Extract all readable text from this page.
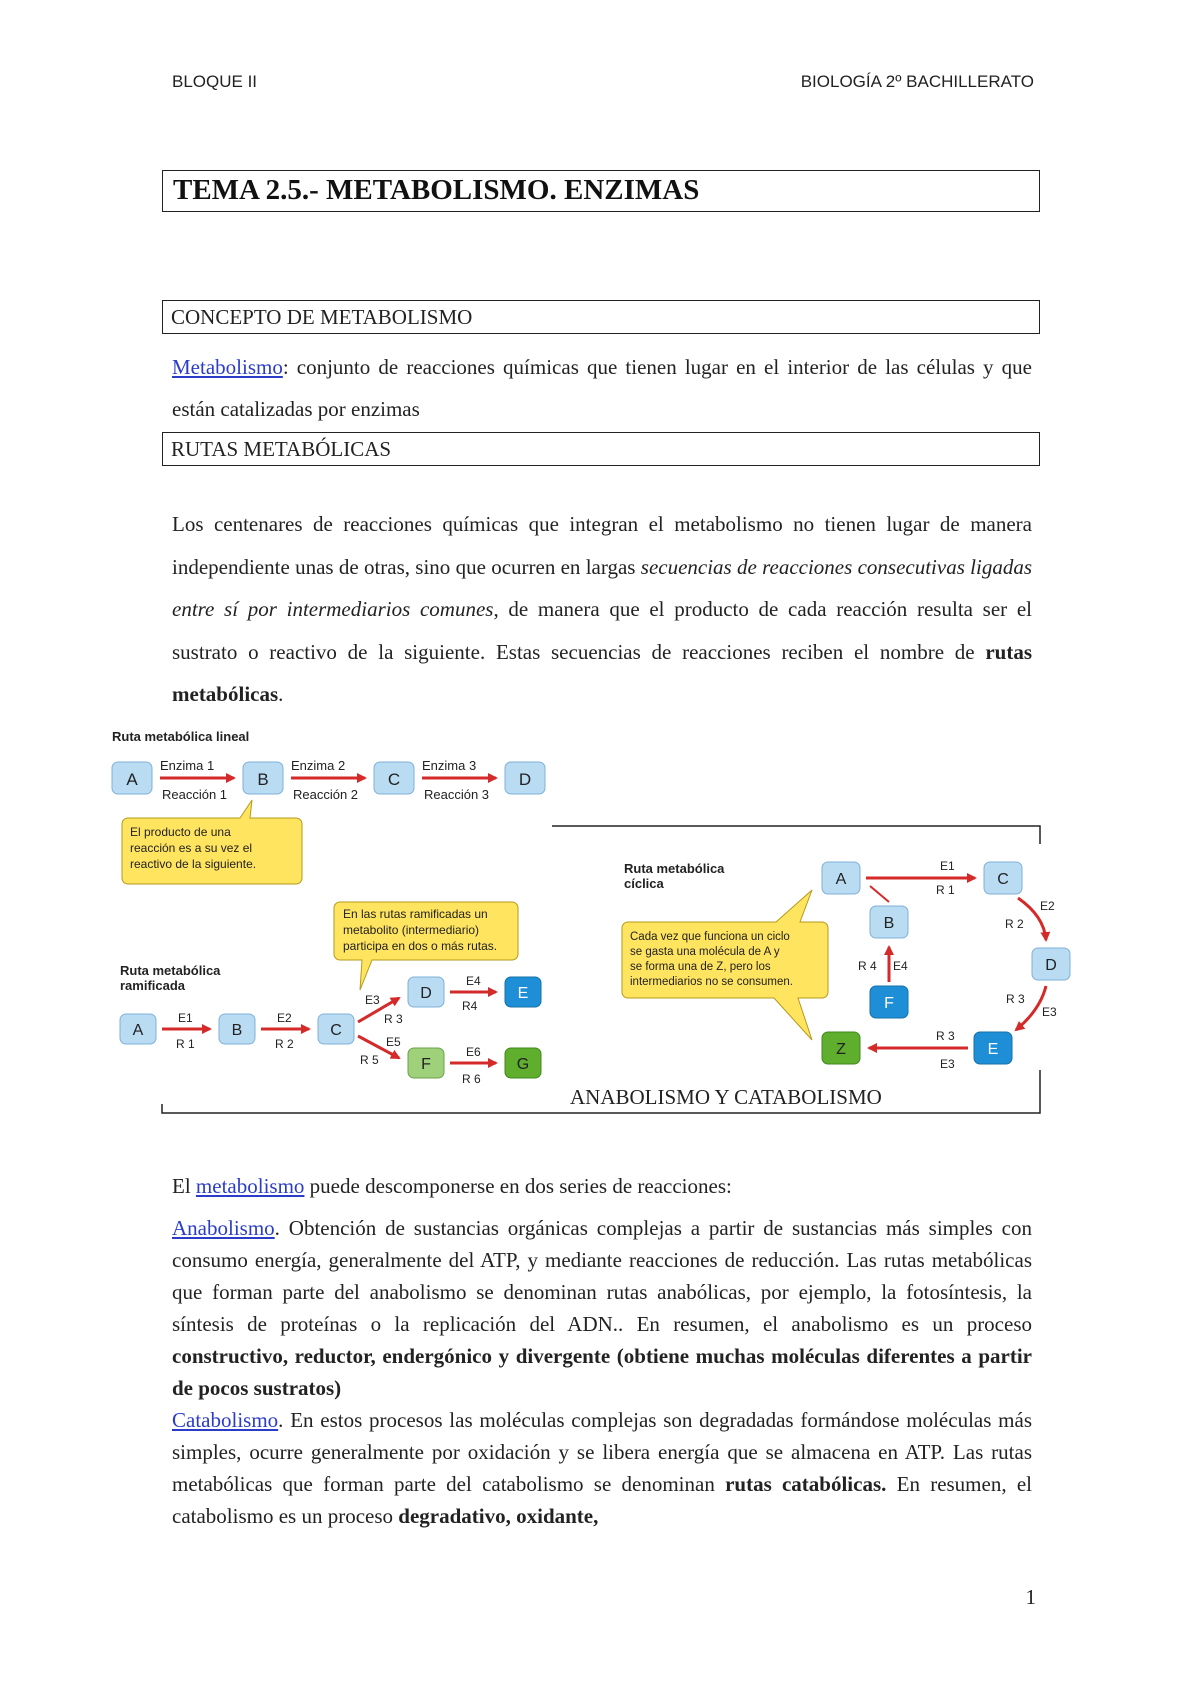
BLOQUE II	BIOLOGÍA 2º BACHILLERATO
TEMA 2.5.- METABOLISMO. ENZIMAS
CONCEPTO DE METABOLISMO

Metabolismo: conjunto de reacciones químicas que tienen lugar en el interior de las células y que están catalizadas por enzimas

RUTAS METABÓLICAS

Los centenares de reacciones químicas que integran el metabolismo no tienen lugar de manera independiente unas de otras, sino que ocurren en largas secuencias de reacciones consecutivas ligadas entre sí por intermediarios comunes, de manera que el producto de cada reacción resulta ser el sustrato o reactivo de la siguiente. Estas secuencias de reacciones reciben el nombre de rutas metabólicas.

Ruta metabólica lineal
A	B	C	D
Enzima 1	Enzima 2	Enzima 3
Reacción 1	Reacción 2	Reacción 3
El producto de una
reacción es a su vez el
reactivo de la siguiente.
Ruta metabólica
ramificada
En las rutas ramificadas un
metabolito (intermediario)
participa en dos o más rutas.
A	B	C
D	E
F	G
E1
R 1
E2
R 2
E3
R 3
E4
R4
E5
R 5
E6
R 6
Ruta metabólica
cíclica
Cada vez que funciona un ciclo
se gasta una molécula de A y
se forma una de Z, pero los
intermediarios no se consumen.
A
B
C
D
E
F
Z
E1
R 1
E2
R 2
E3
R 3
E3
R 3
E4
R 4
ANABOLISMO Y CATABOLISMO

El metabolismo puede descomponerse en dos series de reacciones:

Anabolismo. Obtención de sustancias orgánicas complejas a partir de sustancias más simples con consumo energía, generalmente del ATP, y mediante reacciones de reducción. Las rutas metabólicas que forman parte del anabolismo se denominan rutas anabólicas, por ejemplo, la fotosíntesis, la síntesis de proteínas o la replicación del ADN.. En resumen, el anabolismo es un proceso constructivo, reductor, endergónico y divergente (obtiene muchas moléculas diferentes a partir de pocos sustratos)

Catabolismo. En estos procesos las moléculas complejas son degradadas formándose moléculas más simples, ocurre generalmente por oxidación y se libera energía que se almacena en ATP. Las rutas metabólicas que forman parte del catabolismo se denominan rutas catabólicas. En resumen, el catabolismo es un proceso degradativo, oxidante,

1
